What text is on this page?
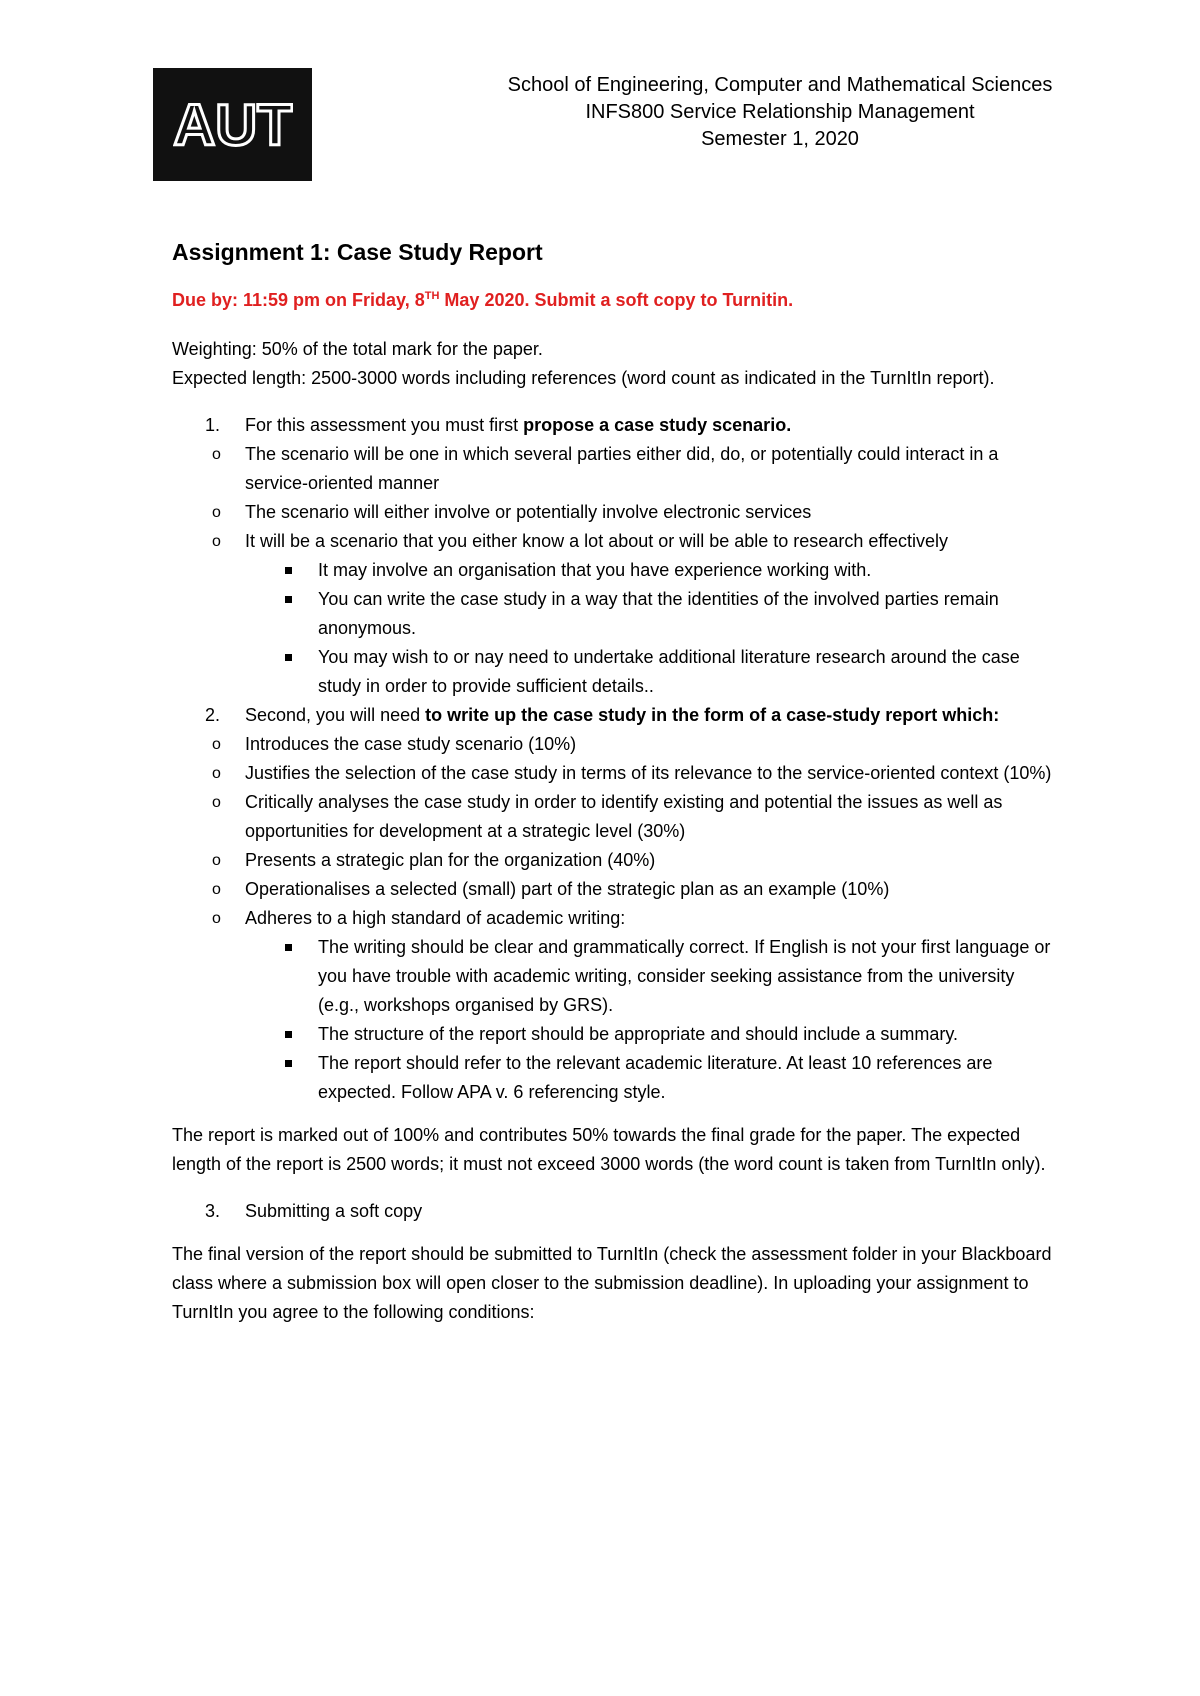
AUT
School of Engineering, Computer and Mathematical Sciences
INFS800 Service Relationship Management
Semester 1, 2020
Assignment 1: Case Study Report

Due by: 11:59 pm on Friday, 8TH May 2020. Submit a soft copy to Turnitin.

Weighting: 50% of the total mark for the paper.

Expected length: 2500-3000 words including references (word count as indicated in the TurnItIn report).

1. For this assessment you must first propose a case study scenario.
o The scenario will be one in which several parties either did, do, or potentially could interact in a service-oriented manner
o The scenario will either involve or potentially involve electronic services
o It will be a scenario that you either know a lot about or will be able to research effectively
It may involve an organisation that you have experience working with.
You can write the case study in a way that the identities of the involved parties remain anonymous.
You may wish to or nay need to undertake additional literature research around the case study in order to provide sufficient details..
2. Second, you will need to write up the case study in the form of a case-study report which:
o Introduces the case study scenario (10%)
o Justifies the selection of the case study in terms of its relevance to the service-oriented context (10%)
o Critically analyses the case study in order to identify existing and potential the issues as well as opportunities for development at a strategic level (30%)
o Presents a strategic plan for the organization (40%)
o Operationalises a selected (small) part of the strategic plan as an example (10%)
o Adheres to a high standard of academic writing:
The writing should be clear and grammatically correct. If English is not your first language or you have trouble with academic writing, consider seeking assistance from the university (e.g., workshops organised by GRS).
The structure of the report should be appropriate and should include a summary.
The report should refer to the relevant academic literature. At least 10 references are expected. Follow APA v. 6 referencing style.

The report is marked out of 100% and contributes 50% towards the final grade for the paper. The expected length of the report is 2500 words; it must not exceed 3000 words (the word count is taken from TurnItIn only).

3. Submitting a soft copy

The final version of the report should be submitted to TurnItIn (check the assessment folder in your Blackboard class where a submission box will open closer to the submission deadline). In uploading your assignment to TurnItIn you agree to the following conditions:
